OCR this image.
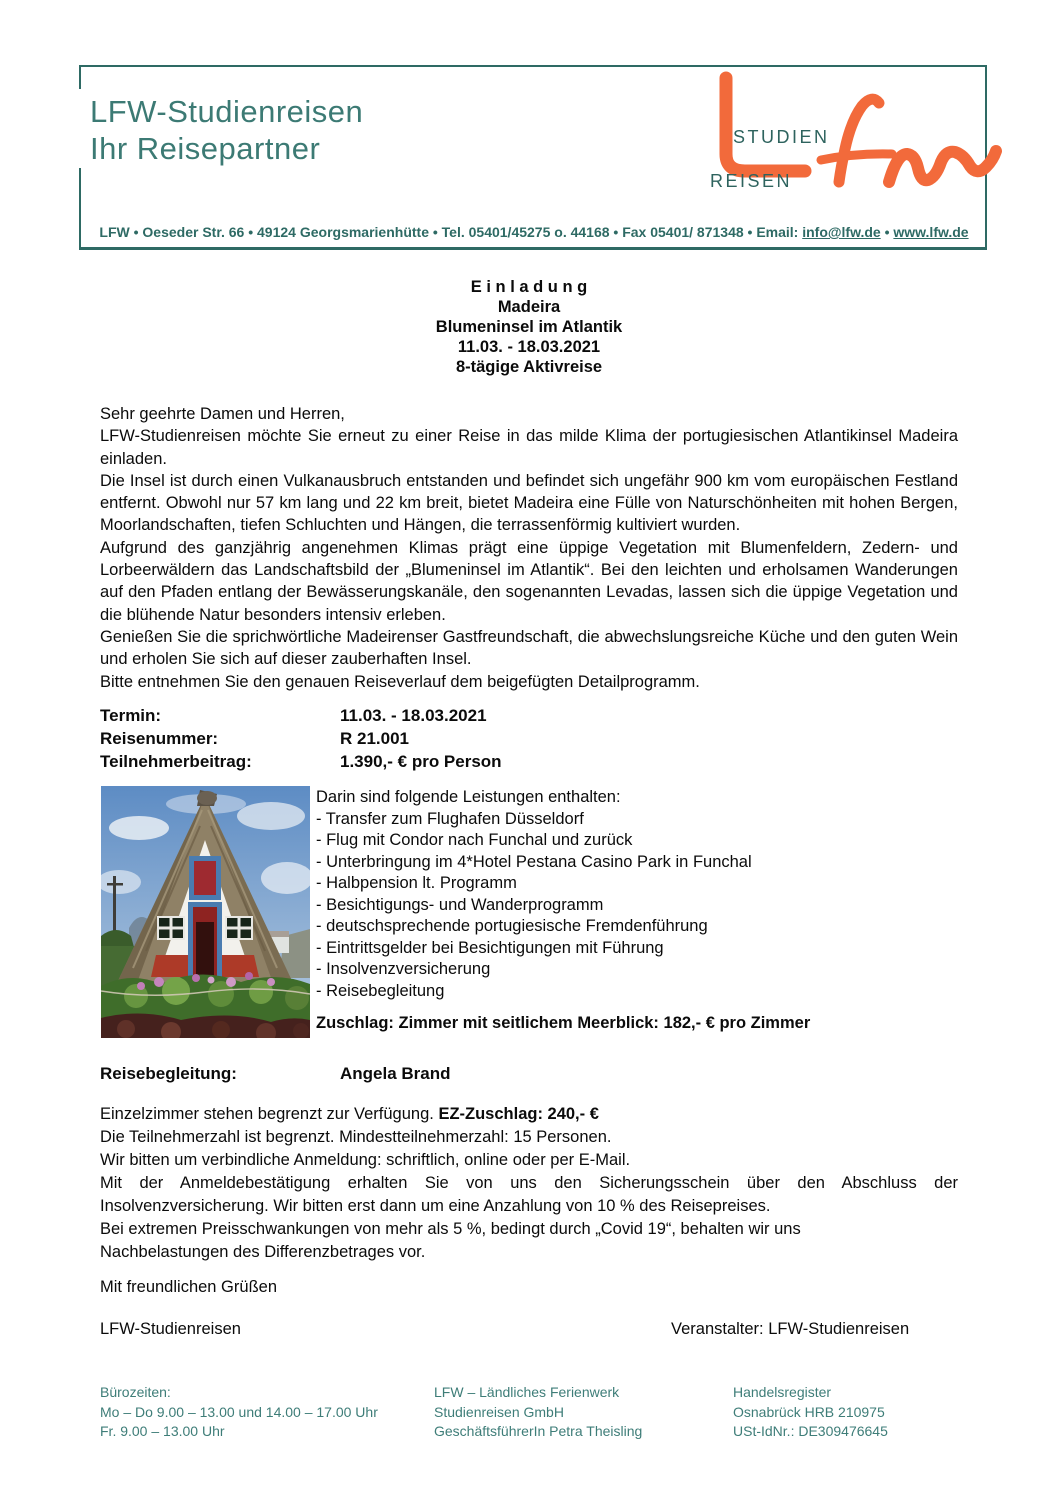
LFW-Studienreisen
Ihr Reisepartner	STUDIEN
REISEN
LFW • Oeseder Str. 66 • 49124 Georgsmarienhütte • Tel. 05401/45275 o. 44168 • Fax 05401/ 871348 • Email: info@lfw.de • www.lfw.de
E i n l a d u n g
Madeira
Blumeninsel im Atlantik
11.03. - 18.03.2021
8-tägige Aktivreise

Sehr geehrte Damen und Herren,

LFW-Studienreisen möchte Sie erneut zu einer Reise in das milde Klima der portugiesischen Atlantikinsel Madeira einladen.

Die Insel ist durch einen Vulkanausbruch entstanden und befindet sich ungefähr 900 km vom europäischen Festland entfernt. Obwohl nur 57 km lang und 22 km breit, bietet Madeira eine Fülle von Naturschönheiten mit hohen Bergen, Moorlandschaften, tiefen Schluchten und Hängen, die terrassenförmig kultiviert wurden.

Aufgrund des ganzjährig angenehmen Klimas prägt eine üppige Vegetation mit Blumenfeldern, Zedern- und Lorbeerwäldern das Landschaftsbild der „Blumeninsel im Atlantik“. Bei den leichten und erholsamen Wanderungen auf den Pfaden entlang der Bewässerungskanäle, den sogenannten Levadas, lassen sich die üppige Vegetation und die blühende Natur besonders intensiv erleben.

Genießen Sie die sprichwörtliche Madeirenser Gastfreundschaft, die abwechslungsreiche Küche und den guten Wein und erholen Sie sich auf dieser zauberhaften Insel.

Bitte entnehmen Sie den genauen Reiseverlauf dem beigefügten Detailprogramm.

Termin:	11.03. - 18.03.2021
Reisenummer:	R 21.001
Teilnehmerbeitrag:	1.390,- € pro Person
Darin sind folgende Leistungen enthalten:
- Transfer zum Flughafen Düsseldorf
- Flug mit Condor nach Funchal und zurück
- Unterbringung im 4*Hotel Pestana Casino Park in Funchal
- Halbpension lt. Programm
- Besichtigungs- und Wanderprogramm
- deutschsprechende portugiesische Fremdenführung
- Eintrittsgelder bei Besichtigungen mit Führung
- Insolvenzversicherung
- Reisebegleitung
Zuschlag: Zimmer mit seitlichem Meerblick: 182,- € pro Zimmer
Reisebegleitung:	Angela Brand

Einzelzimmer stehen begrenzt zur Verfügung. EZ-Zuschlag: 240,- €

Die Teilnehmerzahl ist begrenzt. Mindestteilnehmerzahl: 15 Personen.

Wir bitten um verbindliche Anmeldung: schriftlich, online oder per E-Mail.

Mit der Anmeldebestätigung erhalten Sie von uns den Sicherungsschein über den Abschluss der Insolvenzversicherung. Wir bitten erst dann um eine Anzahlung von 10 % des Reisepreises.

Bei extremen Preisschwankungen von mehr als 5 %, bedingt durch „Covid 19“, behalten wir uns

Nachbelastungen des Differenzbetrages vor.

Mit freundlichen Grüßen
LFW-Studienreisen	Veranstalter: LFW-Studienreisen
Bürozeiten:
Mo – Do 9.00 – 13.00 und 14.00 – 17.00 Uhr
Fr. 9.00 – 13.00 Uhr
LFW – Ländliches Ferienwerk
Studienreisen GmbH
GeschäftsführerIn Petra Theisling
Handelsregister
Osnabrück HRB 210975
USt-IdNr.: DE309476645
